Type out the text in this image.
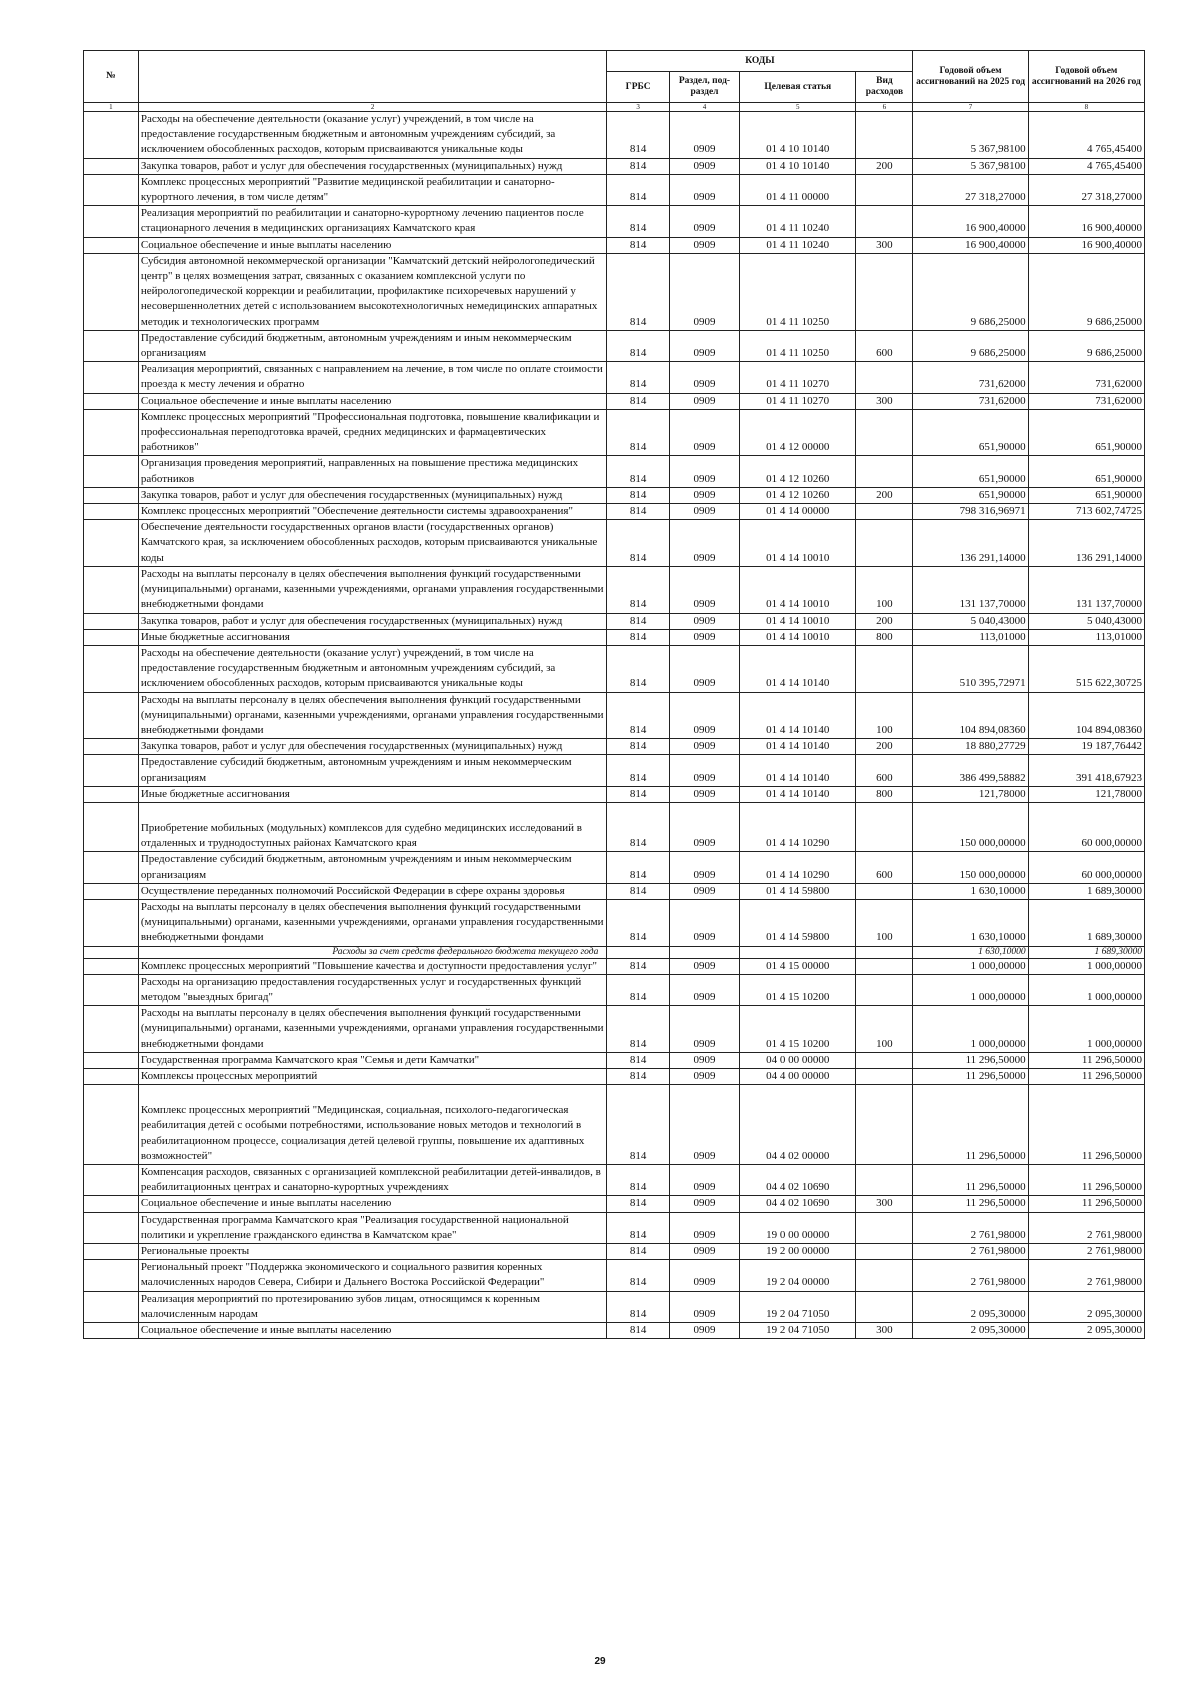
№		КОДЫ				Годовой объем ассигнований на 2025 год	Годовой объем ассигнований на 2026 год
		ГРБС	Раздел, под-раздел	Целевая статья	Вид расходов		
1	2	3	4	5	6	7	8
	Расходы на обеспечение деятельности (оказание услуг) учреждений, в том числе на предоставление государственным бюджетным и автономным учреждениям субсидий, за исключением обособленных расходов, которым присваиваются уникальные коды	814	0909	01 4 10 10140		5 367,98100	4 765,45400
	Закупка товаров, работ и услуг для обеспечения государственных (муниципальных) нужд	814	0909	01 4 10 10140	200	5 367,98100	4 765,45400
	Комплекс процессных мероприятий "Развитие медицинской реабилитации и санаторно-курортного лечения, в том числе детям"	814	0909	01 4 11 00000		27 318,27000	27 318,27000
	Реализация мероприятий по реабилитации и санаторно-курортному лечению пациентов после стационарного лечения в медицинских организациях Камчатского края	814	0909	01 4 11 10240		16 900,40000	16 900,40000
	Социальное обеспечение и иные выплаты населению	814	0909	01 4 11 10240	300	16 900,40000	16 900,40000
	Субсидия автономной некоммерческой организации "Камчатский детский нейрологопедический центр" в целях возмещения затрат, связанных с оказанием комплексной услуги по нейрологопедической коррекции и реабилитации, профилактике психоречевых нарушений у несовершеннолетних детей с использованием высокотехнологичных немедицинских аппаратных методик и технологических программ	814	0909	01 4 11 10250		9 686,25000	9 686,25000
	Предоставление субсидий бюджетным, автономным учреждениям и иным некоммерческим организациям	814	0909	01 4 11 10250	600	9 686,25000	9 686,25000
	Реализация мероприятий, связанных с направлением на лечение, в том числе по оплате стоимости проезда к месту лечения и обратно	814	0909	01 4 11 10270		731,62000	731,62000
	Социальное обеспечение и иные выплаты населению	814	0909	01 4 11 10270	300	731,62000	731,62000
	Комплекс процессных мероприятий "Профессиональная подготовка, повышение квалификации и профессиональная переподготовка врачей, средних медицинских и фармацевтических работников"	814	0909	01 4 12 00000		651,90000	651,90000
	Организация проведения мероприятий, направленных на повышение престижа медицинских работников	814	0909	01 4 12 10260		651,90000	651,90000
	Закупка товаров, работ и услуг для обеспечения государственных (муниципальных) нужд	814	0909	01 4 12 10260	200	651,90000	651,90000
	Комплекс процессных мероприятий "Обеспечение деятельности системы здравоохранения"	814	0909	01 4 14 00000		798 316,96971	713 602,74725
	Обеспечение деятельности государственных органов власти (государственных органов) Камчатского края, за исключением обособленных расходов, которым присваиваются уникальные коды	814	0909	01 4 14 10010		136 291,14000	136 291,14000
	Расходы на выплаты персоналу в целях обеспечения выполнения функций государственными (муниципальными) органами, казенными учреждениями, органами управления государственными внебюджетными фондами	814	0909	01 4 14 10010	100	131 137,70000	131 137,70000
	Закупка товаров, работ и услуг для обеспечения государственных (муниципальных) нужд	814	0909	01 4 14 10010	200	5 040,43000	5 040,43000
	Иные бюджетные ассигнования	814	0909	01 4 14 10010	800	113,01000	113,01000
	Расходы на обеспечение деятельности (оказание услуг) учреждений, в том числе на предоставление государственным бюджетным и автономным учреждениям субсидий, за исключением обособленных расходов, которым присваиваются уникальные коды	814	0909	01 4 14 10140		510 395,72971	515 622,30725
	Расходы на выплаты персоналу в целях обеспечения выполнения функций государственными (муниципальными) органами, казенными учреждениями, органами управления государственными внебюджетными фондами	814	0909	01 4 14 10140	100	104 894,08360	104 894,08360
	Закупка товаров, работ и услуг для обеспечения государственных (муниципальных) нужд	814	0909	01 4 14 10140	200	18 880,27729	19 187,76442
	Предоставление субсидий бюджетным, автономным учреждениям и иным некоммерческим организациям	814	0909	01 4 14 10140	600	386 499,58882	391 418,67923
	Иные бюджетные ассигнования	814	0909	01 4 14 10140	800	121,78000	121,78000
	Приобретение мобильных (модульных) комплексов для судебно медицинских исследований в отдаленных и труднодоступных районах Камчатского края	814	0909	01 4 14 10290		150 000,00000	60 000,00000
	Предоставление субсидий бюджетным, автономным учреждениям и иным некоммерческим организациям	814	0909	01 4 14 10290	600	150 000,00000	60 000,00000
	Осуществление переданных полномочий Российской Федерации в сфере охраны здоровья	814	0909	01 4 14 59800		1 630,10000	1 689,30000
	Расходы на выплаты персоналу в целях обеспечения выполнения функций государственными (муниципальными) органами, казенными учреждениями, органами управления государственными внебюджетными фондами	814	0909	01 4 14 59800	100	1 630,10000	1 689,30000
	Расходы за счет средств федерального бюджета текущего года					1 630,10000	1 689,30000
	Комплекс процессных мероприятий "Повышение качества и доступности предоставления услуг"	814	0909	01 4 15 00000		1 000,00000	1 000,00000
	Расходы на организацию предоставления государственных услуг и государственных функций методом "выездных бригад"	814	0909	01 4 15 10200		1 000,00000	1 000,00000
	Расходы на выплаты персоналу в целях обеспечения выполнения функций государственными (муниципальными) органами, казенными учреждениями, органами управления государственными внебюджетными фондами	814	0909	01 4 15 10200	100	1 000,00000	1 000,00000
	Государственная программа Камчатского края "Семья и дети Камчатки"	814	0909	04 0 00 00000		11 296,50000	11 296,50000
	Комплексы процессных мероприятий	814	0909	04 4 00 00000		11 296,50000	11 296,50000
	Комплекс процессных мероприятий "Медицинская, социальная, психолого-педагогическая реабилитация детей с особыми потребностями, использование новых методов и технологий в реабилитационном процессе, социализация детей целевой группы, повышение их адаптивных возможностей"	814	0909	04 4 02 00000		11 296,50000	11 296,50000
	Компенсация расходов, связанных с организацией комплексной реабилитации детей-инвалидов, в реабилитационных центрах и санаторно-курортных учреждениях	814	0909	04 4 02 10690		11 296,50000	11 296,50000
	Социальное обеспечение и иные выплаты населению	814	0909	04 4 02 10690	300	11 296,50000	11 296,50000
	Государственная программа Камчатского края "Реализация государственной национальной политики и укрепление гражданского единства в Камчатском крае"	814	0909	19 0 00 00000		2 761,98000	2 761,98000
	Региональные проекты	814	0909	19 2 00 00000		2 761,98000	2 761,98000
	Региональный проект "Поддержка экономического и социального развития коренных малочисленных народов Севера, Сибири и Дальнего Востока Российской Федерации"	814	0909	19 2 04 00000		2 761,98000	2 761,98000
	Реализация мероприятий по протезированию зубов лицам, относящимся к коренным малочисленным народам	814	0909	19 2 04 71050		2 095,30000	2 095,30000
	Социальное обеспечение и иные выплаты населению	814	0909	19 2 04 71050	300	2 095,30000	2 095,30000
29
